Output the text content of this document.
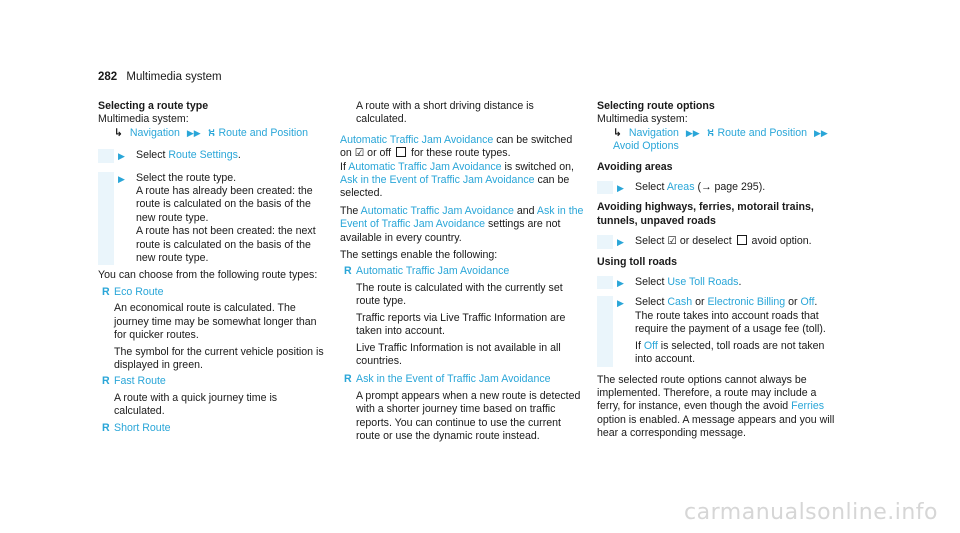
282 Multimedia system

Selecting a route type

Multimedia system:

↳ Navigation ▶▶ ⛕ Route and Position

▶	Select Route Settings.

▶ Select the route type.

A route has already been created: the route is calculated on the basis of the new route type.

A route has not been created: the next route is calculated on the basis of the new route type.

You can choose from the following route types:

R Eco Route

An economical route is calculated. The journey time may be somewhat longer than for quicker routes.

The symbol for the current vehicle position is displayed in green.

R Fast Route

A route with a quick journey time is calculated.

R Short Route

A route with a short driving distance is calculated.

Automatic Traffic Jam Avoidance can be switched on ☑ or off  for these route types.

If Automatic Traffic Jam Avoidance is switched on, Ask in the Event of Traffic Jam Avoidance can be selected.

The Automatic Traffic Jam Avoidance and Ask in the Event of Traffic Jam Avoidance settings are not available in every country.

The settings enable the following:

R Automatic Traffic Jam Avoidance

The route is calculated with the currently set route type.

Traffic reports via Live Traffic Information are taken into account.

Live Traffic Information is not available in all countries.

R Ask in the Event of Traffic Jam Avoidance

A prompt appears when a new route is detected with a shorter journey time based on traffic reports. You can continue to use the current route or use the dynamic route instead.

Selecting route options

Multimedia system:

↳ Navigation ▶▶ ⛕ Route and Position ▶▶ Avoid Options

Avoiding areas

▶	Select Areas (→ page 295).

Avoiding highways, ferries, motorail trains, tunnels, unpaved roads

▶	Select ☑ or deselect  avoid option.

Using toll roads

▶	Select Use Toll Roads.

▶ Select Cash or Electronic Billing or Off.

The route takes into account roads that require the payment of a usage fee (toll).

If Off is selected, toll roads are not taken into account.

The selected route options cannot always be implemented. Therefore, a route may include a ferry, for instance, even though the avoid Ferries option is enabled. A message appears and you will hear a corresponding message.

carmanualsonline.info
